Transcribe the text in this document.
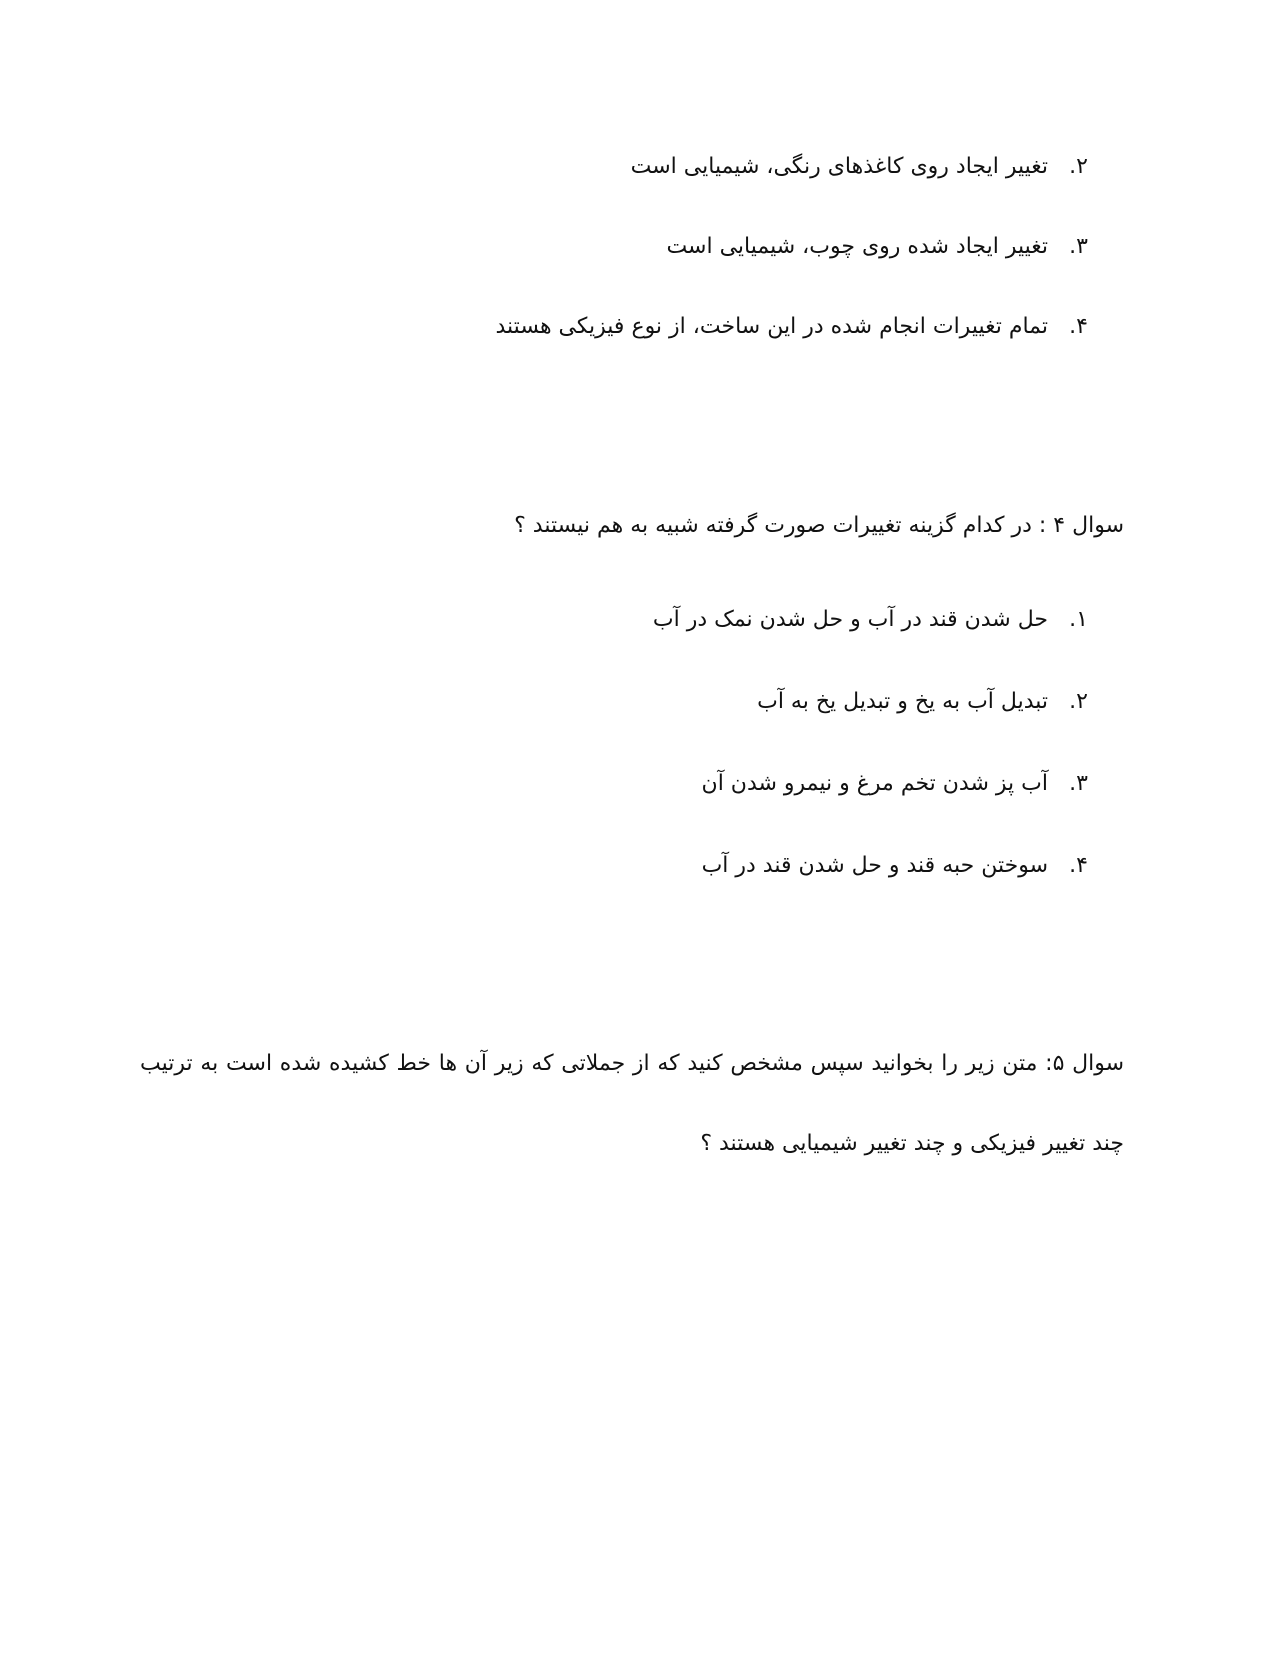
۲.
تغییر ایجاد روی کاغذهای رنگی، شیمیایی است
۳.
تغییر ایجاد شده روی چوب، شیمیایی است
۴.
تمام تغییرات انجام شده در این ساخت، از نوع فیزیکی هستند
سوال ۴ : در کدام گزینه تغییرات صورت گرفته شبیه به هم نیستند ؟
۱.
حل شدن قند در آب و حل شدن نمک در آب
۲.
تبدیل آب به یخ و تبدیل یخ به آب
۳.
آب پز شدن تخم مرغ و نیمرو شدن آن
۴.
سوختن حبه قند و حل شدن قند در آب
سوال ۵: متن زیر را بخوانید سپس مشخص کنید که از جملاتی که زیر آن ها خط کشیده شده است به ترتیب
چند تغییر فیزیکی و چند تغییر شیمیایی هستند ؟
